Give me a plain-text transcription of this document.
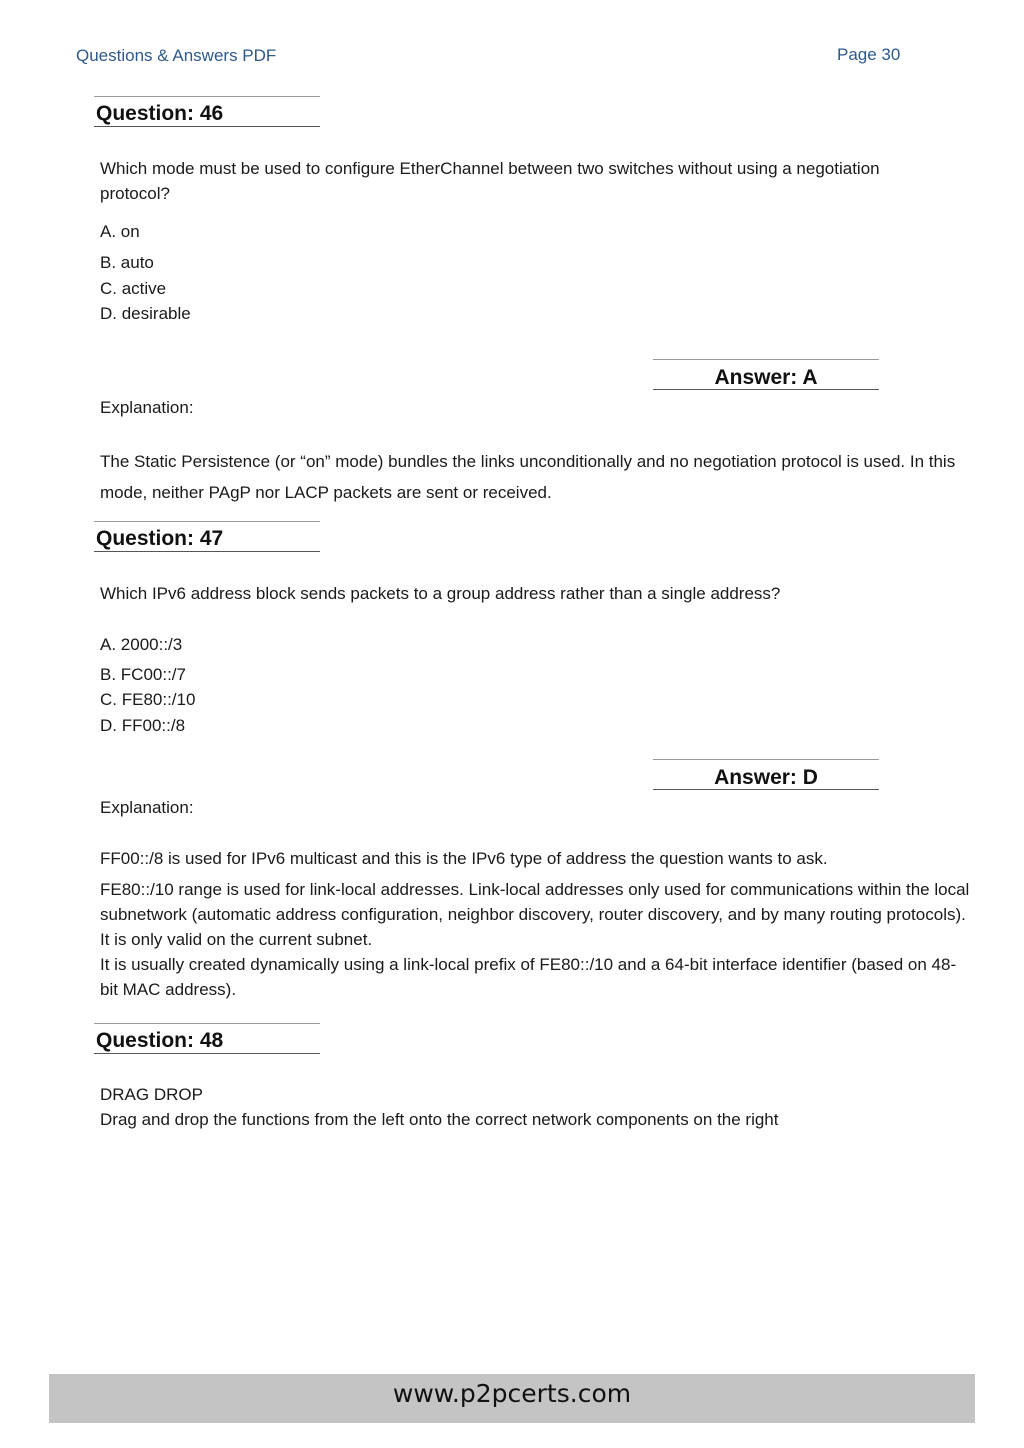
Questions & Answers PDF	Page 30
Question: 46
Which mode must be used to configure EtherChannel between two switches without using a negotiation protocol?
A. on
B. auto
C. active
D. desirable
Answer: A
Explanation:
The Static Persistence (or “on” mode) bundles the links unconditionally and no negotiation protocol is used. In this mode, neither PAgP nor LACP packets are sent or received.
Question: 47
Which IPv6 address block sends packets to a group address rather than a single address?
A. 2000::/3
B. FC00::/7
C. FE80::/10
D. FF00::/8
Answer: D
Explanation:
FF00::/8 is used for IPv6 multicast and this is the IPv6 type of address the question wants to ask.
FE80::/10 range is used for link-local addresses. Link-local addresses only used for communications within the local subnetwork (automatic address configuration, neighbor discovery, router discovery, and by many routing protocols). It is only valid on the current subnet.
It is usually created dynamically using a link-local prefix of FE80::/10 and a 64-bit interface identifier (based on 48-bit MAC address).
Question: 48
DRAG DROP
Drag and drop the functions from the left onto the correct network components on the right
www.p2pcerts.com
